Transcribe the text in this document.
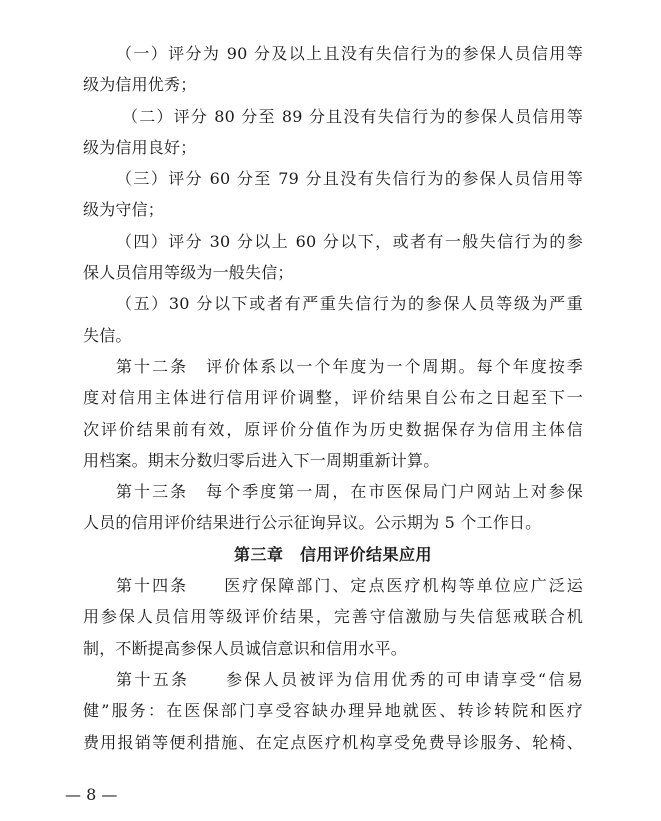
（一）评分为 90 分及以上且没有失信行为的参保人员信用等
级为信用优秀；
（二）评分 80 分至 89 分且没有失信行为的参保人员信用等
级为信用良好；
（三）评分 60 分至 79 分且没有失信行为的参保人员信用等
级为守信；
（四）评分 30 分以上 60 分以下，或者有一般失信行为的参
保人员信用等级为一般失信；
（五）30 分以下或者有严重失信行为的参保人员等级为严重
失信。
第十二条　评价体系以一个年度为一个周期。每个年度按季
度对信用主体进行信用评价调整，评价结果自公布之日起至下一
次评价结果前有效，原评价分值作为历史数据保存为信用主体信
用档案。期末分数归零后进入下一周期重新计算。
第十三条　每个季度第一周，在市医保局门户网站上对参保
人员的信用评价结果进行公示征询异议。公示期为 5 个工作日。
第三章　信用评价结果应用
第十四条　　医疗保障部门、定点医疗机构等单位应广泛运
用参保人员信用等级评价结果，完善守信激励与失信惩戒联合机
制，不断提高参保人员诚信意识和信用水平。
第十五条　　参保人员被评为信用优秀的可申请享受“信易
健”服务：在医保部门享受容缺办理异地就医、转诊转院和医疗
费用报销等便利措施、在定点医疗机构享受免费导诊服务、轮椅、
— 8 —
